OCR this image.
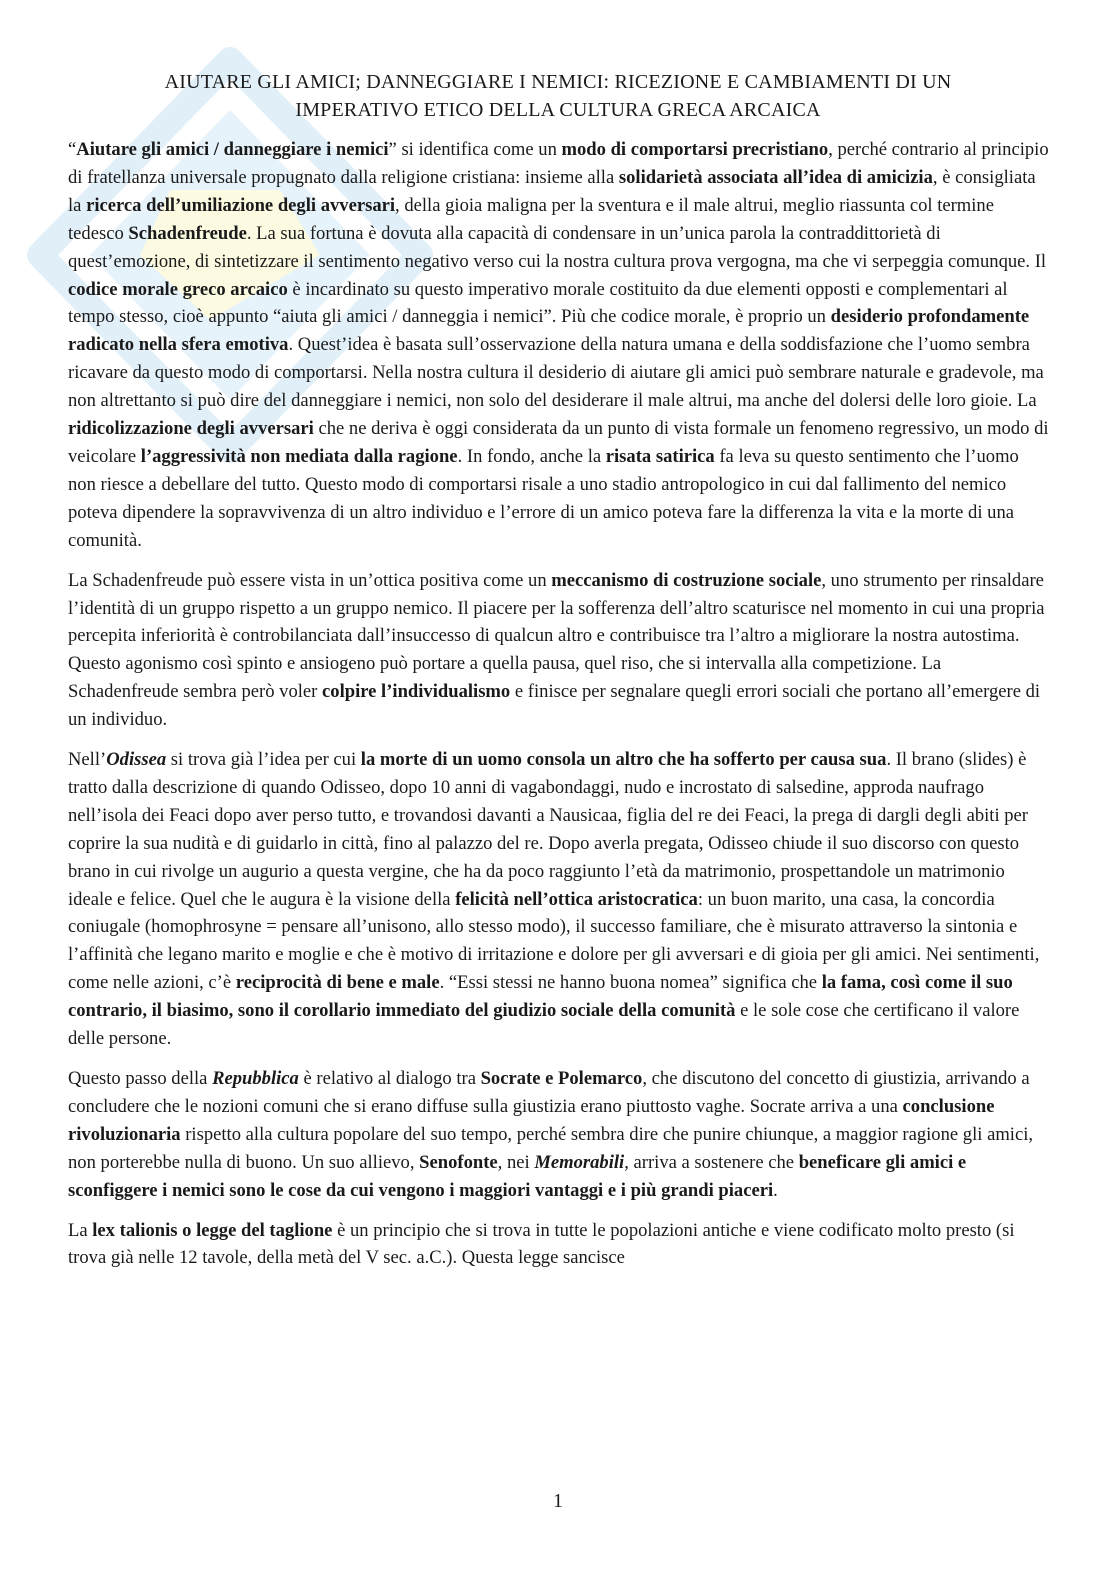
AIUTARE GLI AMICI; DANNEGGIARE I NEMICI: RICEZIONE E CAMBIAMENTI DI UN
IMPERATIVO ETICO DELLA CULTURA GRECA ARCAICA

“Aiutare gli amici / danneggiare i nemici” si identifica come un modo di comportarsi precristiano, perché contrario al principio di fratellanza universale propugnato dalla religione cristiana: insieme alla solidarietà associata all’idea di amicizia, è consigliata la ricerca dell’umiliazione degli avversari, della gioia maligna per la sventura e il male altrui, meglio riassunta col termine tedesco Schadenfreude. La sua fortuna è dovuta alla capacità di condensare in un’unica parola la contraddittorietà di quest’emozione, di sintetizzare il sentimento negativo verso cui la nostra cultura prova vergogna, ma che vi serpeggia comunque. Il codice morale greco arcaico è incardinato su questo imperativo morale costituito da due elementi opposti e complementari al tempo stesso, cioè appunto “aiuta gli amici / danneggia i nemici”. Più che codice morale, è proprio un desiderio profondamente radicato nella sfera emotiva. Quest’idea è basata sull’osservazione della natura umana e della soddisfazione che l’uomo sembra ricavare da questo modo di comportarsi. Nella nostra cultura il desiderio di aiutare gli amici può sembrare naturale e gradevole, ma non altrettanto si può dire del danneggiare i nemici, non solo del desiderare il male altrui, ma anche del dolersi delle loro gioie. La ridicolizzazione degli avversari che ne deriva è oggi considerata da un punto di vista formale un fenomeno regressivo, un modo di veicolare l’aggressività non mediata dalla ragione. In fondo, anche la risata satirica fa leva su questo sentimento che l’uomo non riesce a debellare del tutto. Questo modo di comportarsi risale a uno stadio antropologico in cui dal fallimento del nemico poteva dipendere la sopravvivenza di un altro individuo e l’errore di un amico poteva fare la differenza la vita e la morte di una comunità.

La Schadenfreude può essere vista in un’ottica positiva come un meccanismo di costruzione sociale, uno strumento per rinsaldare l’identità di un gruppo rispetto a un gruppo nemico. Il piacere per la sofferenza dell’altro scaturisce nel momento in cui una propria percepita inferiorità è controbilanciata dall’insuccesso di qualcun altro e contribuisce tra l’altro a migliorare la nostra autostima. Questo agonismo così spinto e ansiogeno può portare a quella pausa, quel riso, che si intervalla alla competizione. La Schadenfreude sembra però voler colpire l’individualismo e finisce per segnalare quegli errori sociali che portano all’emergere di un individuo.

Nell’Odissea si trova già l’idea per cui la morte di un uomo consola un altro che ha sofferto per causa sua. Il brano (slides) è tratto dalla descrizione di quando Odisseo, dopo 10 anni di vagabondaggi, nudo e incrostato di salsedine, approda naufrago nell’isola dei Feaci dopo aver perso tutto, e trovandosi davanti a Nausicaa, figlia del re dei Feaci, la prega di dargli degli abiti per coprire la sua nudità e di guidarlo in città, fino al palazzo del re. Dopo averla pregata, Odisseo chiude il suo discorso con questo brano in cui rivolge un augurio a questa vergine, che ha da poco raggiunto l’età da matrimonio, prospettandole un matrimonio ideale e felice. Quel che le augura è la visione della felicità nell’ottica aristocratica: un buon marito, una casa, la concordia coniugale (homophrosyne = pensare all’unisono, allo stesso modo), il successo familiare, che è misurato attraverso la sintonia e l’affinità che legano marito e moglie e che è motivo di irritazione e dolore per gli avversari e di gioia per gli amici. Nei sentimenti, come nelle azioni, c’è reciprocità di bene e male. “Essi stessi ne hanno buona nomea” significa che la fama, così come il suo contrario, il biasimo, sono il corollario immediato del giudizio sociale della comunità e le sole cose che certificano il valore delle persone.

Questo passo della Repubblica è relativo al dialogo tra Socrate e Polemarco, che discutono del concetto di giustizia, arrivando a concludere che le nozioni comuni che si erano diffuse sulla giustizia erano piuttosto vaghe. Socrate arriva a una conclusione rivoluzionaria rispetto alla cultura popolare del suo tempo, perché sembra dire che punire chiunque, a maggior ragione gli amici, non porterebbe nulla di buono. Un suo allievo, Senofonte, nei Memorabili, arriva a sostenere che beneficare gli amici e sconfiggere i nemici sono le cose da cui vengono i maggiori vantaggi e i più grandi piaceri.

La lex talionis o legge del taglione è un principio che si trova in tutte le popolazioni antiche e viene codificato molto presto (si trova già nelle 12 tavole, della metà del V sec. a.C.). Questa legge sancisce

1
